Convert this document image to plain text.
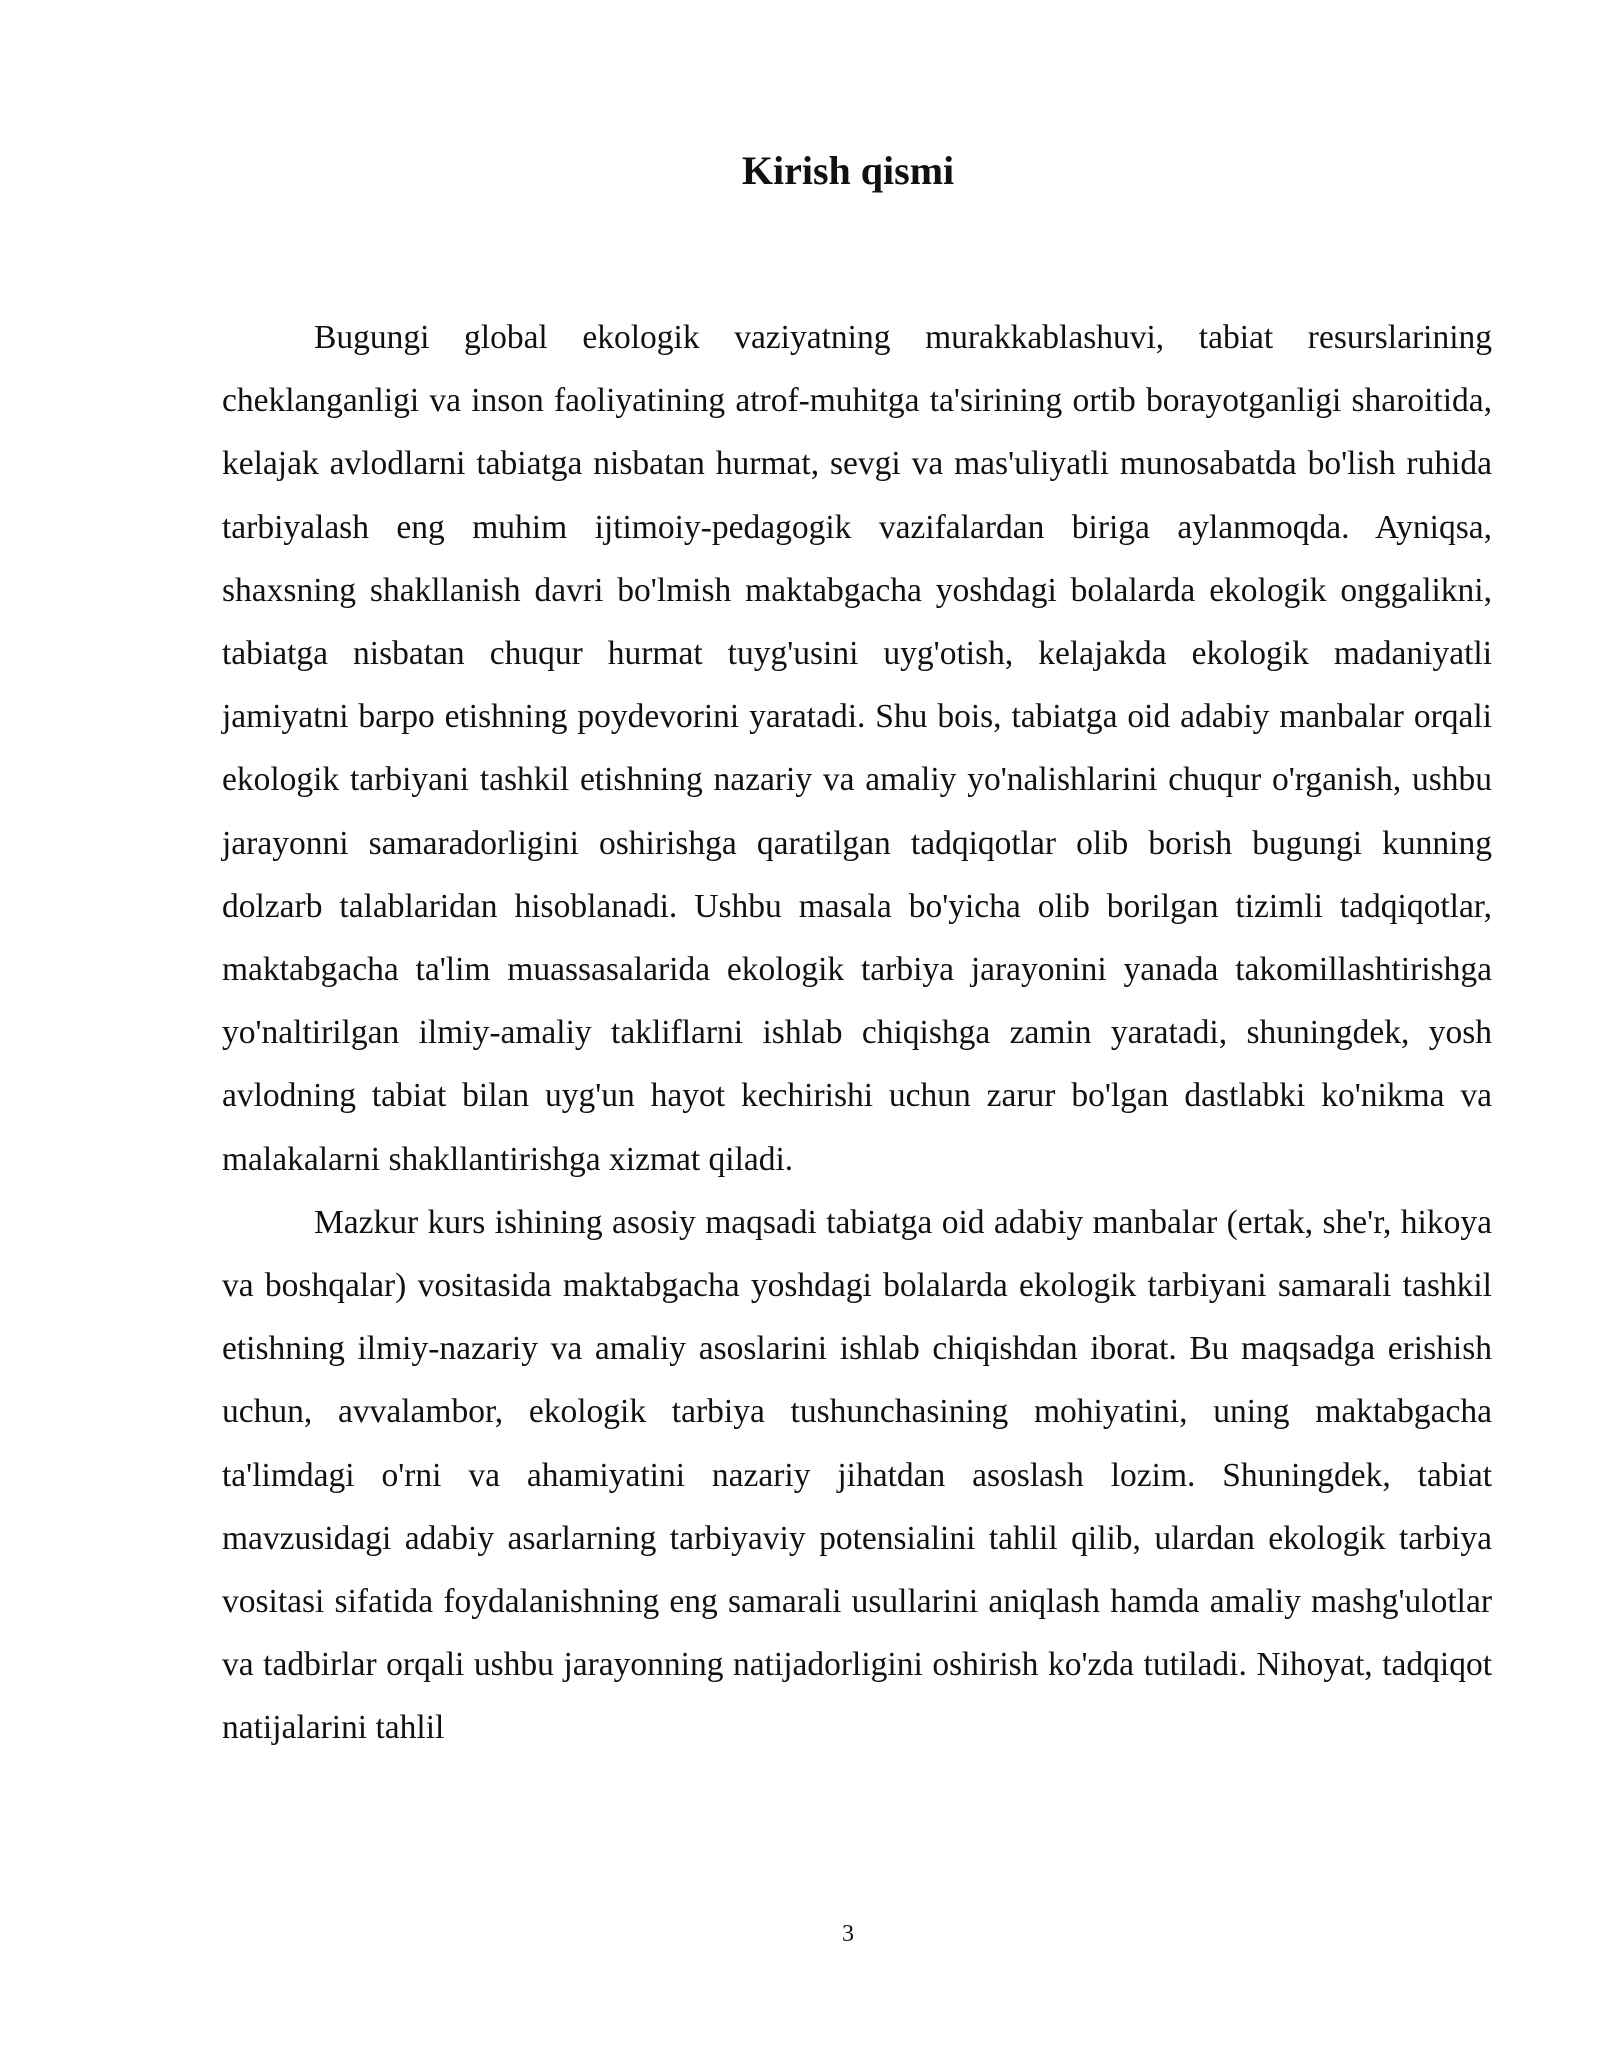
Kirish qismi

Bugungi global ekologik vaziyatning murakkablashuvi, tabiat resurslarining cheklanganligi va inson faoliyatining atrof-muhitga ta'sirining ortib borayotganligi sharoitida, kelajak avlodlarni tabiatga nisbatan hurmat, sevgi va mas'uliyatli munosabatda bo'lish ruhida tarbiyalash eng muhim ijtimoiy-pedagogik vazifalardan biriga aylanmoqda. Ayniqsa, shaxsning shakllanish davri bo'lmish maktabgacha yoshdagi bolalarda ekologik onggalikni, tabiatga nisbatan chuqur hurmat tuyg'usini uyg'otish, kelajakda ekologik madaniyatli jamiyatni barpo etishning poydevorini yaratadi. Shu bois, tabiatga oid adabiy manbalar orqali ekologik tarbiyani tashkil etishning nazariy va amaliy yo'nalishlarini chuqur o'rganish, ushbu jarayonni samaradorligini oshirishga qaratilgan tadqiqotlar olib borish bugungi kunning dolzarb talablaridan hisoblanadi. Ushbu masala bo'yicha olib borilgan tizimli tadqiqotlar, maktabgacha ta'lim muassasalarida ekologik tarbiya jarayonini yanada takomillashtirishga yo'naltirilgan ilmiy-amaliy takliflarni ishlab chiqishga zamin yaratadi, shuningdek, yosh avlodning tabiat bilan uyg'un hayot kechirishi uchun zarur bo'lgan dastlabki ko'nikma va malakalarni shakllantirishga xizmat qiladi.

Mazkur kurs ishining asosiy maqsadi tabiatga oid adabiy manbalar (ertak, she'r, hikoya va boshqalar) vositasida maktabgacha yoshdagi bolalarda ekologik tarbiyani samarali tashkil etishning ilmiy-nazariy va amaliy asoslarini ishlab chiqishdan iborat. Bu maqsadga erishish uchun, avvalambor, ekologik tarbiya tushunchasining mohiyatini, uning maktabgacha ta'limdagi o'rni va ahamiyatini nazariy jihatdan asoslash lozim. Shuningdek, tabiat mavzusidagi adabiy asarlarning tarbiyaviy potensialini tahlil qilib, ulardan ekologik tarbiya vositasi sifatida foydalanishning eng samarali usullarini aniqlash hamda amaliy mashg'ulotlar va tadbirlar orqali ushbu jarayonning natijadorligini oshirish ko'zda tutiladi. Nihoyat, tadqiqot natijalarini tahlil

3
